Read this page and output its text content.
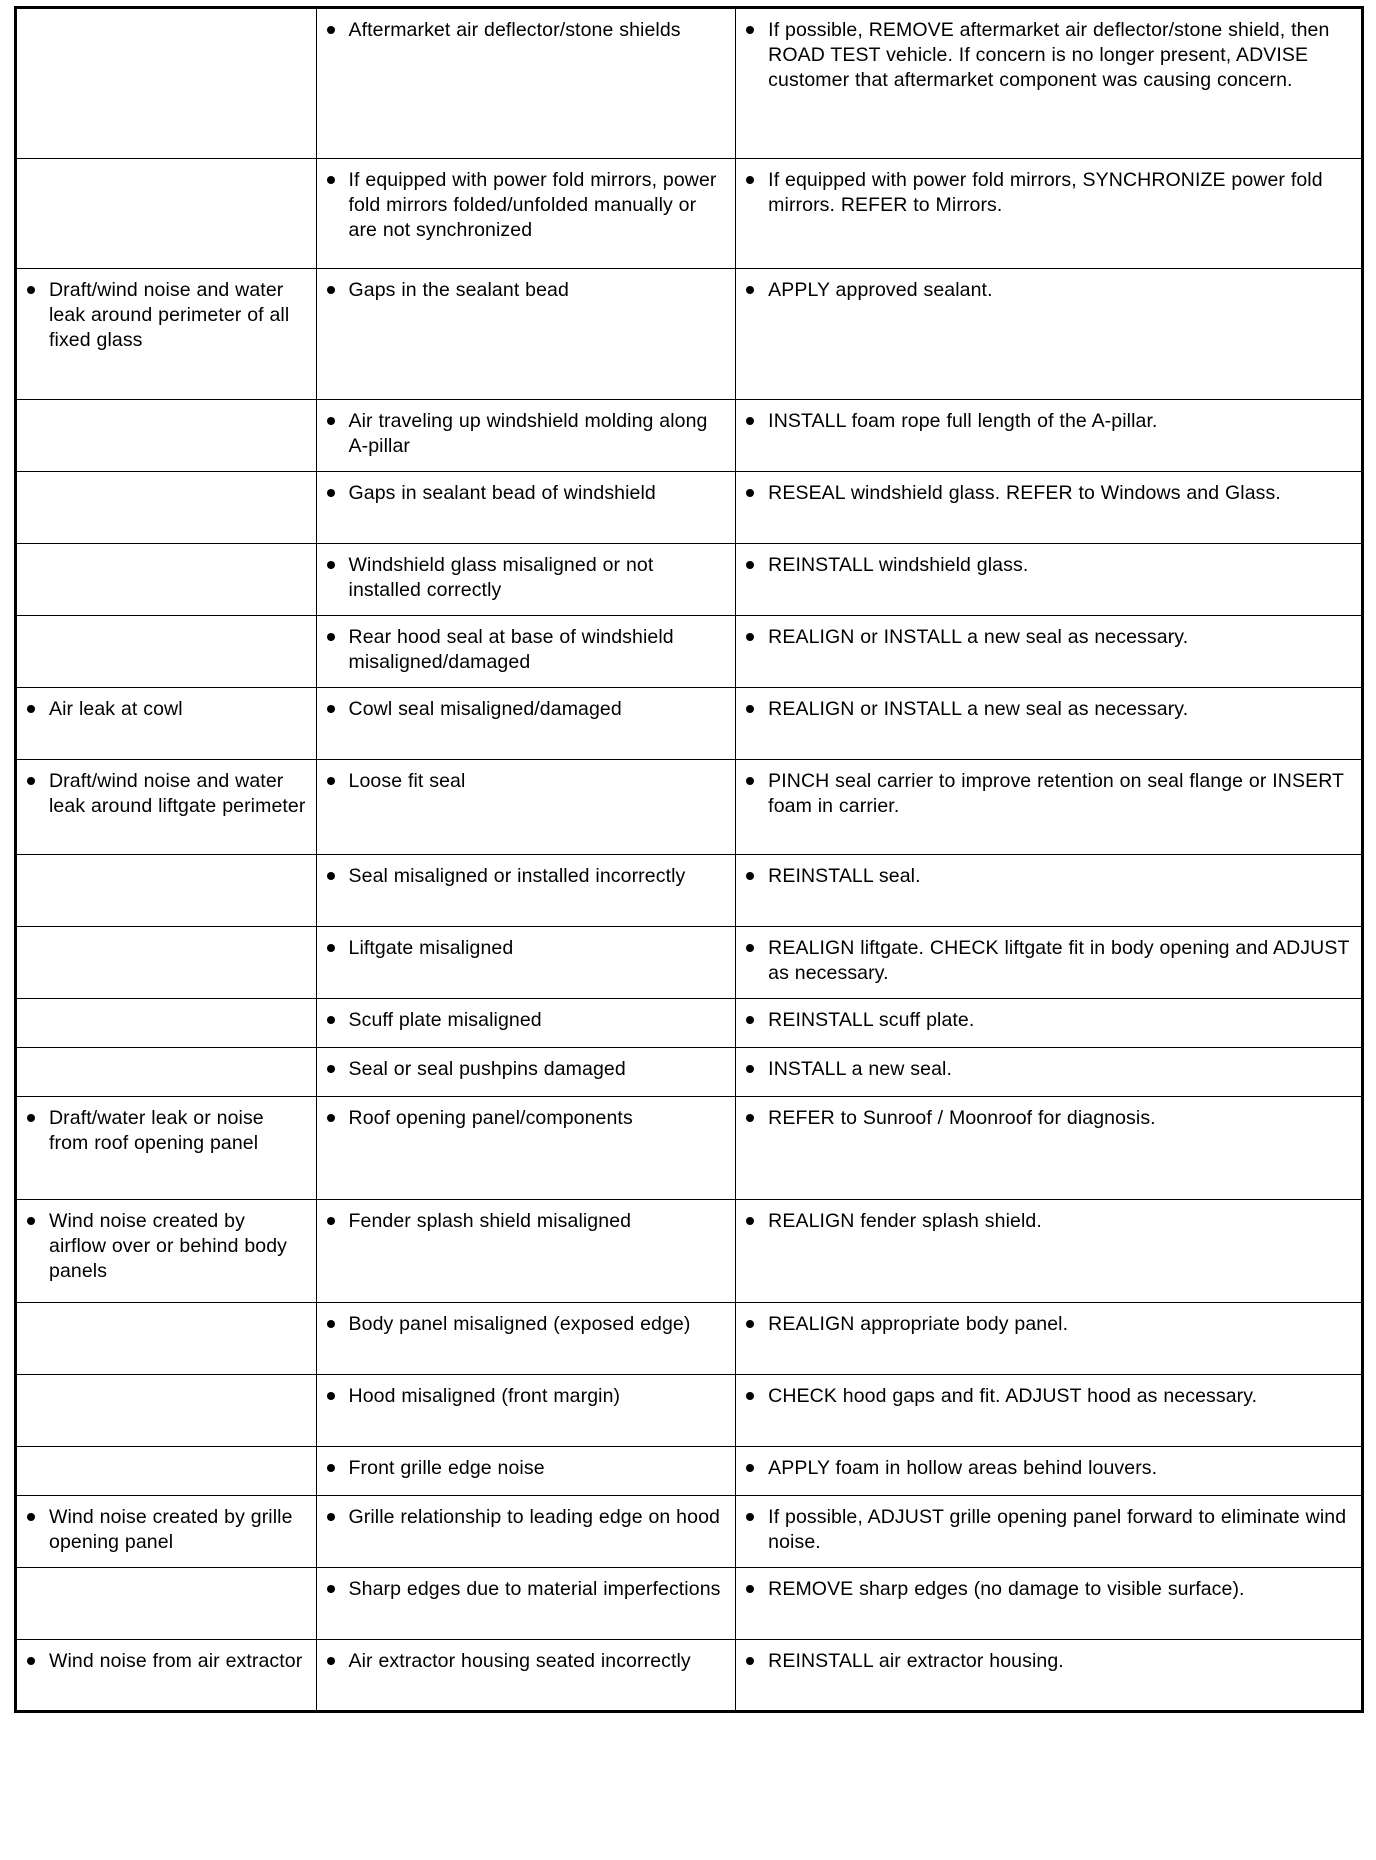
	Aftermarket air deflector/stone shields	If possible, REMOVE aftermarket air deflector/stone shield, then ROAD TEST vehicle. If concern is no longer present, ADVISE customer that aftermarket component was causing concern.

	If equipped with power fold mirrors, power fold mirrors folded/unfolded manually or are not synchronized	If equipped with power fold mirrors, SYNCHRONIZE power fold mirrors. REFER to Mirrors.

Draft/wind noise and water leak around perimeter of all fixed glass	Gaps in the sealant bead	APPLY approved sealant.

	Air traveling up windshield molding along A-pillar	INSTALL foam rope full length of the A-pillar.

	Gaps in sealant bead of windshield	RESEAL windshield glass. REFER to Windows and Glass.

	Windshield glass misaligned or not installed correctly	REINSTALL windshield glass.

	Rear hood seal at base of windshield misaligned/damaged	REALIGN or INSTALL a new seal as necessary.

Air leak at cowl	Cowl seal misaligned/damaged	REALIGN or INSTALL a new seal as necessary.

Draft/wind noise and water leak around liftgate perimeter	Loose fit seal	PINCH seal carrier to improve retention on seal flange or INSERT foam in carrier.

	Seal misaligned or installed incorrectly	REINSTALL seal.

	Liftgate misaligned	REALIGN liftgate. CHECK liftgate fit in body opening and ADJUST as necessary.

	Scuff plate misaligned	REINSTALL scuff plate.

	Seal or seal pushpins damaged	INSTALL a new seal.

Draft/water leak or noise from roof opening panel	Roof opening panel/components	REFER to Sunroof / Moonroof for diagnosis.

Wind noise created by airflow over or behind body panels	Fender splash shield misaligned	REALIGN fender splash shield.

	Body panel misaligned (exposed edge)	REALIGN appropriate body panel.

	Hood misaligned (front margin)	CHECK hood gaps and fit. ADJUST hood as necessary.

	Front grille edge noise	APPLY foam in hollow areas behind louvers.

Wind noise created by grille opening panel	Grille relationship to leading edge on hood	If possible, ADJUST grille opening panel forward to eliminate wind noise.

	Sharp edges due to material imperfections	REMOVE sharp edges (no damage to visible surface).

Wind noise from air extractor	Air extractor housing seated incorrectly	REINSTALL air extractor housing.
